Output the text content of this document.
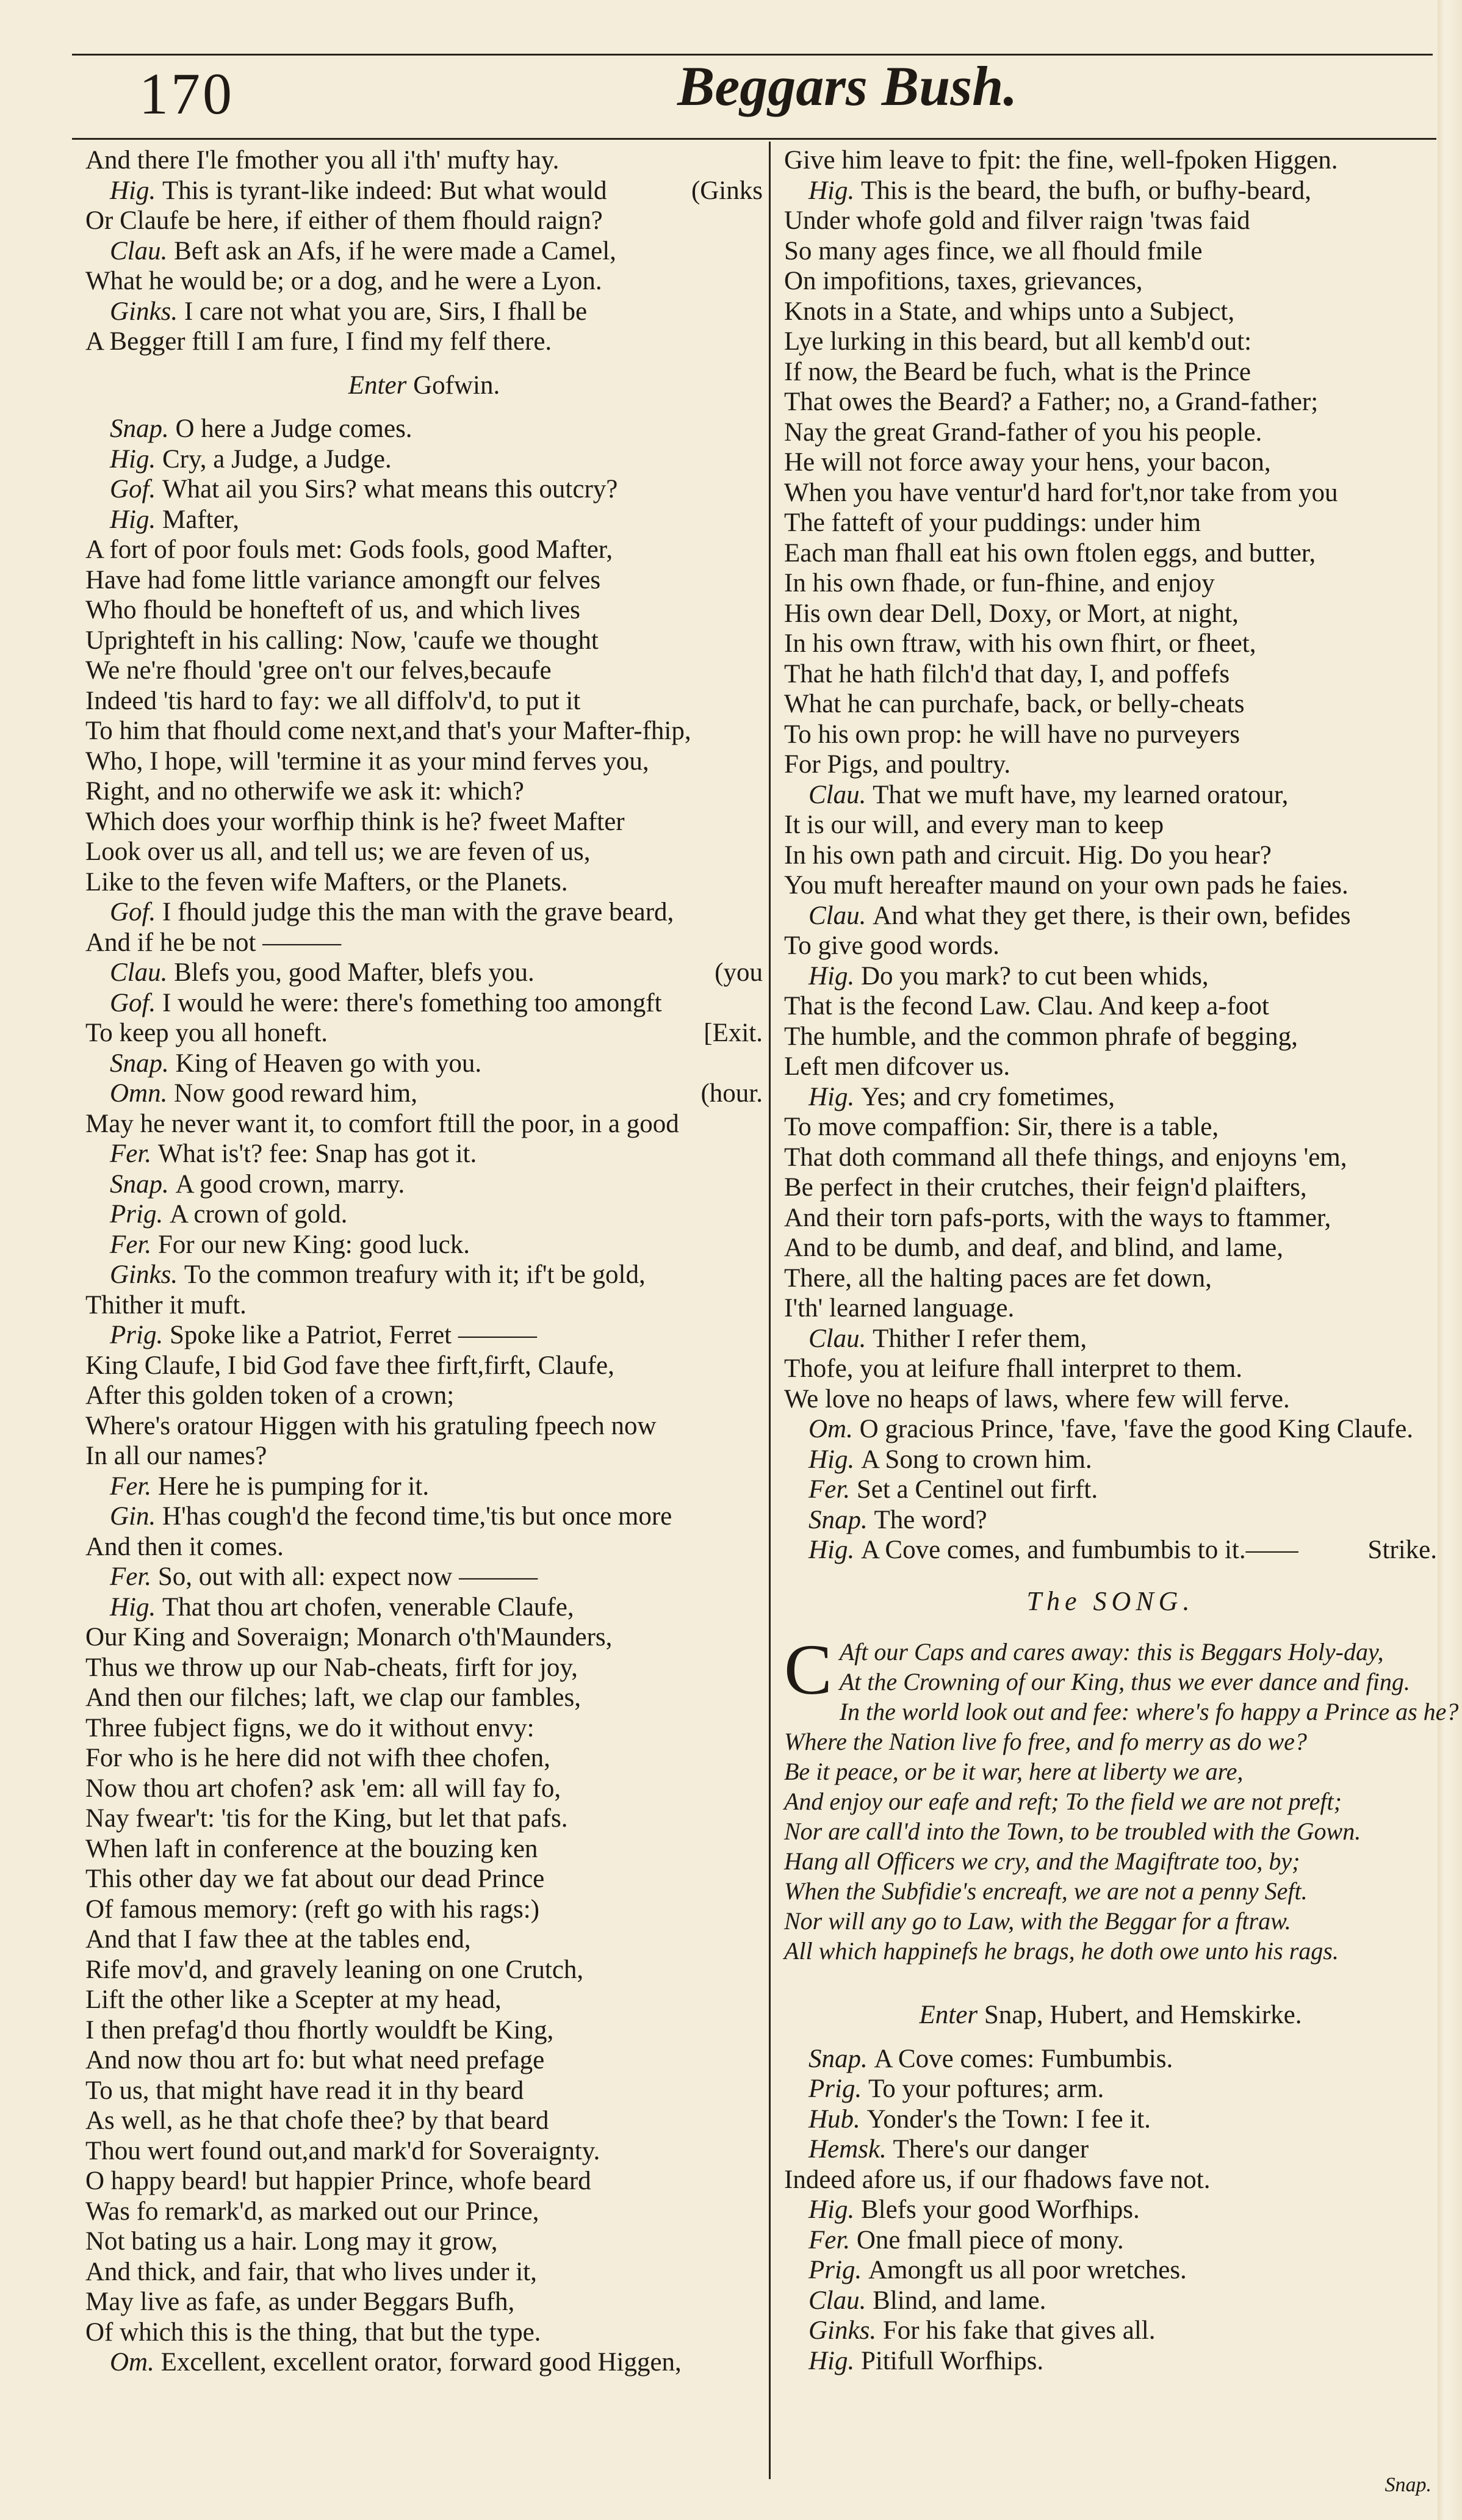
170	Beggars Bush.
And there I'le fmother you all i'th' mufty hay.
Hig. This is tyrant-like indeed: But what would	(Ginks
Or Claufe be here, if either of them fhould raign?
Clau. Beft ask an Afs, if he were made a Camel,
What he would be; or a dog, and he were a Lyon.
Ginks. I care not what you are, Sirs, I fhall be
A Begger ftill I am fure, I find my felf there.
Enter Gofwin.
Snap. O here a Judge comes.
Hig. Cry, a Judge, a Judge.
Gof. What ail you Sirs? what means this outcry?
Hig. Mafter,
A fort of poor fouls met: Gods fools, good Mafter,
Have had fome little variance amongft our felves
Who fhould be honefteft of us, and which lives
Uprighteft in his calling: Now, 'caufe we thought
We ne're fhould 'gree on't our felves,becaufe
Indeed 'tis hard to fay: we all diffolv'd, to put it
To him that fhould come next,and that's your Mafter-fhip,
Who, I hope, will 'termine it as your mind ferves you,
Right, and no otherwife we ask it: which?
Which does your worfhip think is he? fweet Mafter
Look over us all, and tell us; we are feven of us,
Like to the feven wife Mafters, or the Planets.
Gof. I fhould judge this the man with the grave beard,
And if he be not ———
Clau. Blefs you, good Mafter, blefs you.	(you
Gof. I would he were: there's fomething too amongft
To keep you all honeft.	[Exit.
Snap. King of Heaven go with you.
Omn. Now good reward him,	(hour.
May he never want it, to comfort ftill the poor, in a good
Fer. What is't? fee: Snap has got it.
Snap. A good crown, marry.
Prig. A crown of gold.
Fer. For our new King: good luck.
Ginks. To the common treafury with it; if't be gold,
Thither it muft.
Prig. Spoke like a Patriot, Ferret ———
King Claufe, I bid God fave thee firft,firft, Claufe,
After this golden token of a crown;
Where's oratour Higgen with his gratuling fpeech now
In all our names?
Fer. Here he is pumping for it.
Gin. H'has cough'd the fecond time,'tis but once more
And then it comes.
Fer. So, out with all: expect now ———
Hig. That thou art chofen, venerable Claufe,
Our King and Soveraign; Monarch o'th'Maunders,
Thus we throw up our Nab-cheats, firft for joy,
And then our filches; laft, we clap our fambles,
Three fubject figns, we do it without envy:
For who is he here did not wifh thee chofen,
Now thou art chofen? ask 'em: all will fay fo,
Nay fwear't: 'tis for the King, but let that pafs.
When laft in conference at the bouzing ken
This other day we fat about our dead Prince
Of famous memory: (reft go with his rags:)
And that I faw thee at the tables end,
Rife mov'd, and gravely leaning on one Crutch,
Lift the other like a Scepter at my head,
I then prefag'd thou fhortly wouldft be King,
And now thou art fo: but what need prefage
To us, that might have read it in thy beard
As well, as he that chofe thee? by that beard
Thou wert found out,and mark'd for Soveraignty.
O happy beard! but happier Prince, whofe beard
Was fo remark'd, as marked out our Prince,
Not bating us a hair. Long may it grow,
And thick, and fair, that who lives under it,
May live as fafe, as under Beggars Bufh,
Of which this is the thing, that but the type.
Om. Excellent, excellent orator, forward good Higgen,
Give him leave to fpit: the fine, well-fpoken Higgen.
Hig. This is the beard, the bufh, or bufhy-beard,
Under whofe gold and filver raign 'twas faid
So many ages fince, we all fhould fmile
On impofitions, taxes, grievances,
Knots in a State, and whips unto a Subject,
Lye lurking in this beard, but all kemb'd out:
If now, the Beard be fuch, what is the Prince
That owes the Beard? a Father; no, a Grand-father;
Nay the great Grand-father of you his people.
He will not force away your hens, your bacon,
When you have ventur'd hard for't,nor take from you
The fatteft of your puddings: under him
Each man fhall eat his own ftolen eggs, and butter,
In his own fhade, or fun-fhine, and enjoy
His own dear Dell, Doxy, or Mort, at night,
In his own ftraw, with his own fhirt, or fheet,
That he hath filch'd that day, I, and poffefs
What he can purchafe, back, or belly-cheats
To his own prop: he will have no purveyers
For Pigs, and poultry.
Clau. That we muft have, my learned oratour,
It is our will, and every man to keep
In his own path and circuit. Hig. Do you hear?
You muft hereafter maund on your own pads he faies.
Clau. And what they get there, is their own, befides
To give good words.
Hig. Do you mark? to cut been whids,
That is the fecond Law. Clau. And keep a-foot
The humble, and the common phrafe of begging,
Left men difcover us.
Hig. Yes; and cry fometimes,
To move compaffion: Sir, there is a table,
That doth command all thefe things, and enjoyns 'em,
Be perfect in their crutches, their feign'd plaifters,
And their torn pafs-ports, with the ways to ftammer,
And to be dumb, and deaf, and blind, and lame,
There, all the halting paces are fet down,
I'th' learned language.
Clau. Thither I refer them,
Thofe, you at leifure fhall interpret to them.
We love no heaps of laws, where few will ferve.
Om. O gracious Prince, 'fave, 'fave the good King Claufe.
Hig. A Song to crown him.
Fer. Set a Centinel out firft.
Snap. The word?
Hig. A Cove comes, and fumbumbis to it.——	Strike.
The SONG.
C Aft our Caps and cares away: this is Beggars Holy-day,
At the Crowning of our King, thus we ever dance and fing.
In the world look out and fee: where's fo happy a Prince as he?
Where the Nation live fo free, and fo merry as do we?
Be it peace, or be it war, here at liberty we are,
And enjoy our eafe and reft; To the field we are not preft;
Nor are call'd into the Town, to be troubled with the Gown.
Hang all Officers we cry, and the Magiftrate too, by;
When the Subfidie's encreaft, we are not a penny Seft.
Nor will any go to Law, with the Beggar for a ftraw.
All which happinefs he brags, he doth owe unto his rags.
Enter Snap, Hubert, and Hemskirke.
Snap. A Cove comes: Fumbumbis.
Prig. To your poftures; arm.
Hub. Yonder's the Town: I fee it.
Hemsk. There's our danger
Indeed afore us, if our fhadows fave not.
Hig. Blefs your good Worfhips.
Fer. One fmall piece of mony.
Prig. Amongft us all poor wretches.
Clau. Blind, and lame.
Ginks. For his fake that gives all.
Hig. Pitifull Worfhips.
Snap.
